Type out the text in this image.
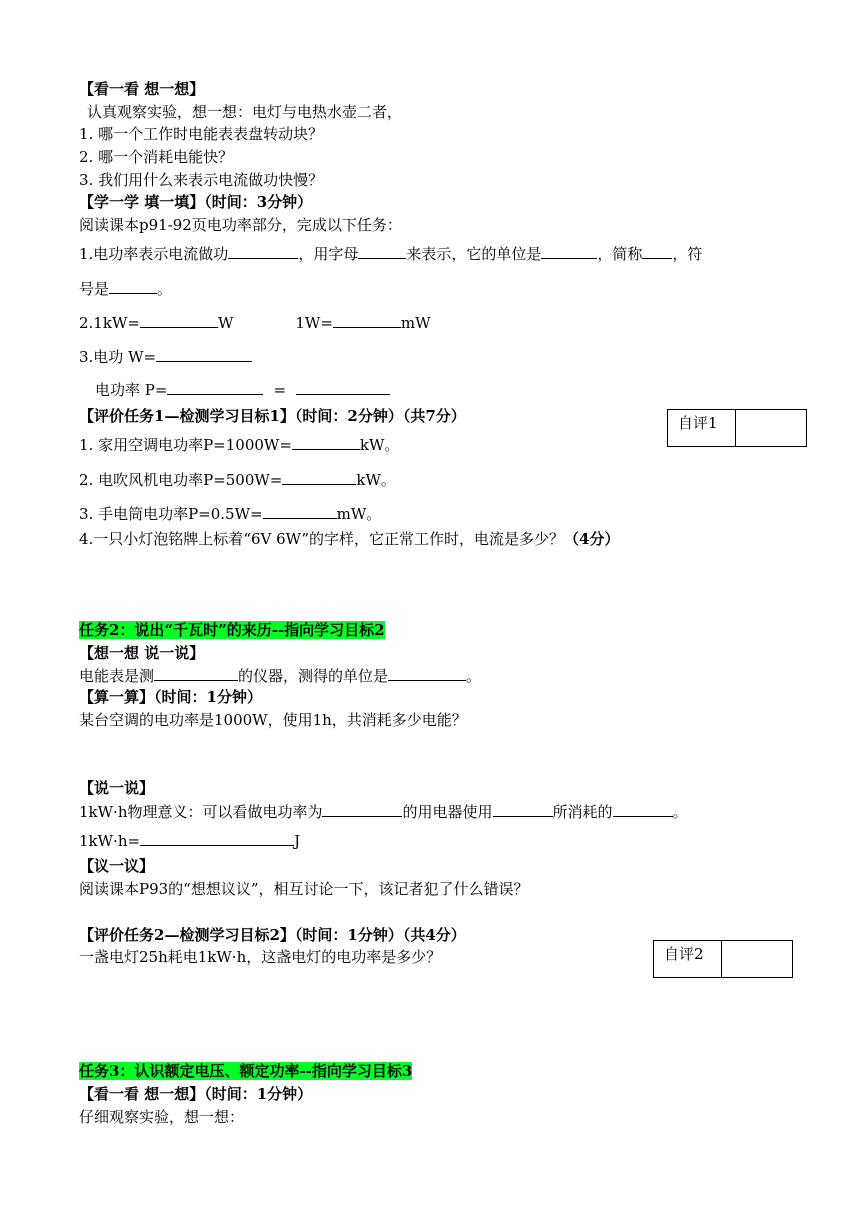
【看一看 想一想】
认真观察实验，想一想：电灯与电热水壶二者，
1. 哪一个工作时电能表表盘转动块？
2. 哪一个消耗电能快？
3. 我们用什么来表示电流做功快慢？
【学一学 填一填】（时间：3分钟）
阅读课本p91-92页电功率部分，完成以下任务：
1.电功率表示电流做功	，用字母	来表示，它的单位是	，简称 ，符
号是	。
2.1kW=	W	1W=	mW
3.电功 W=
电功率 P=	=
【评价任务1—检测学习目标1】（时间：2分钟）（共7分）	自评1
1. 家用空调电功率P=1000W=	kW。
2. 电吹风机电功率P=500W=	kW。
3. 手电筒电功率P=0.5W=	mW。
4.一只小灯泡铭牌上标着“6V 6W”的字样，它正常工作时，电流是多少？（4分）
任务2：说出“千瓦时”的来历--指向学习目标2
【想一想 说一说】
电能表是测	的仪器，测得的单位是	。
【算一算】（时间：1分钟）
某台空调的电功率是1000W，使用1h，共消耗多少电能？
【说一说】
1kW·h物理意义：可以看做电功率为	的用电器使用	所消耗的	。
1kW·h=	J
【议一议】
阅读课本P93的“想想议议”，相互讨论一下，该记者犯了什么错误？
【评价任务2—检测学习目标2】（时间：1分钟）（共4分）
自评2
一盏电灯25h耗电1kW·h，这盏电灯的电功率是多少？
任务3：认识额定电压、额定功率--指向学习目标3
【看一看 想一想】（时间：1分钟）
仔细观察实验，想一想：
